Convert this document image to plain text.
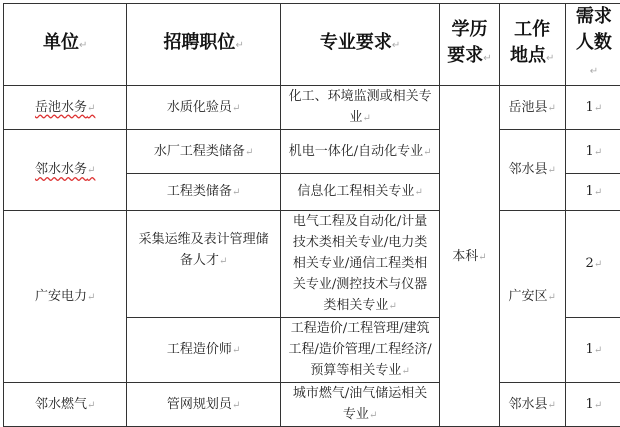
单位 ↵	招聘职位 ↵	专业要求 ↵	学历要求 ↵	工作地点 ↵	需求人数 ↵
岳池水务 ↵	水质化验员 ↵	化工、环境监测或相关专业 ↵	本科 ↵	岳池县 ↵	1 ↵
邻水水务 ↵	水厂工程类储备 ↵	机电一体化/自动化专业 ↵		邻水县 ↵	1 ↵
	工程类储备 ↵	信息化工程相关专业 ↵			1 ↵
广安电力 ↵	采集运维及表计管理储备人才 ↵	电气工程及自动化/计量技术类相关专业/电力类相关专业/通信工程类相关专业/测控技术与仪器类相关专业 ↵		广安区 ↵	2 ↵
	工程造价师 ↵	工程造价/工程管理/建筑工程/造价管理/工程经济/预算等相关专业 ↵			1 ↵
邻水燃气 ↵	管网规划员 ↵	城市燃气/油气储运相关专业 ↵		邻水县 ↵	1 ↵
